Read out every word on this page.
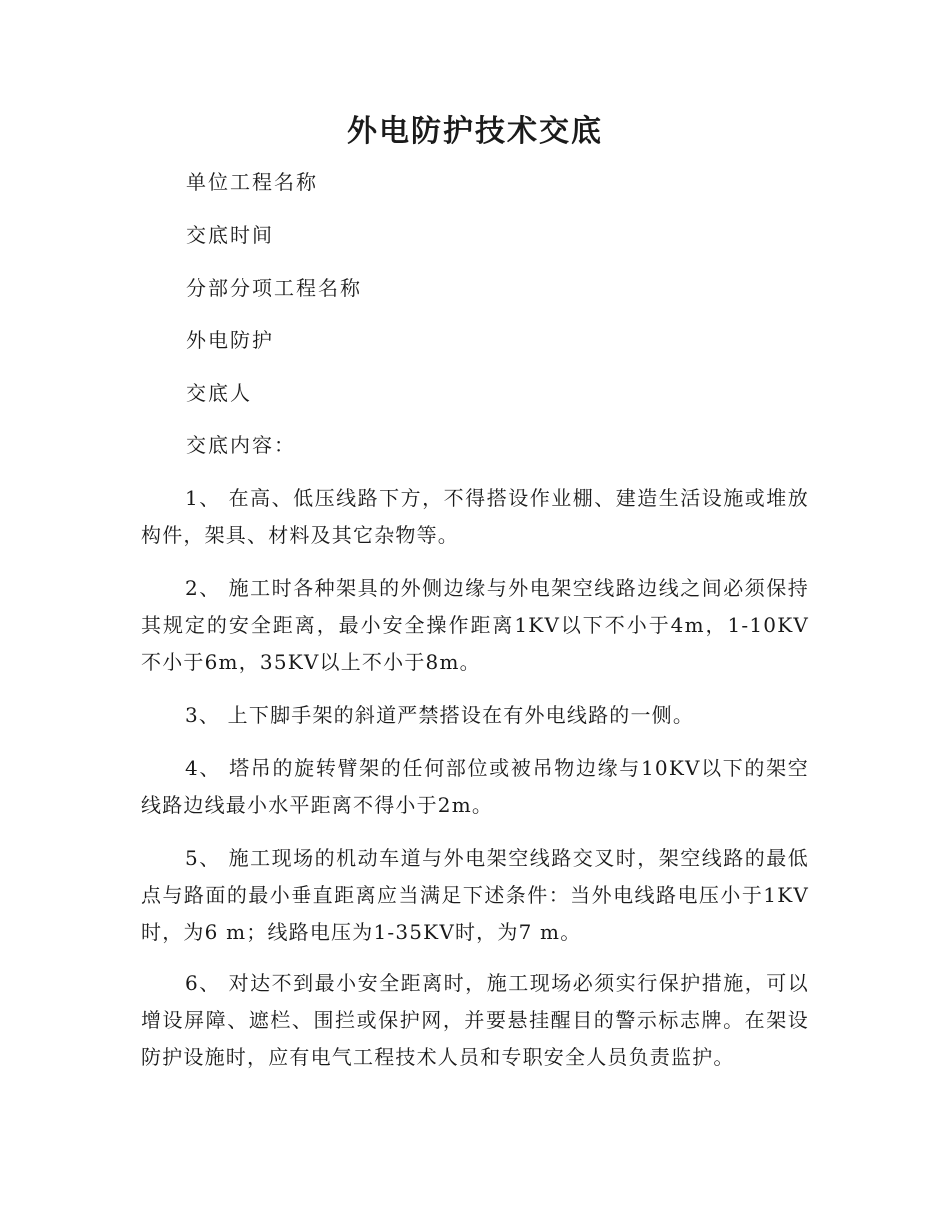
外电防护技术交底

单位工程名称

交底时间

分部分项工程名称

外电防护

交底人

交底内容：

1、 在高、低压线路下方，不得搭设作业棚、建造生活设施或堆放构件，架具、材料及其它杂物等。

2、 施工时各种架具的外侧边缘与外电架空线路边线之间必须保持其规定的安全距离，最小安全操作距离1KV以下不小于4m，1-10KV不小于6m，35KV以上不小于8m。

3、 上下脚手架的斜道严禁搭设在有外电线路的一侧。

4、 塔吊的旋转臂架的任何部位或被吊物边缘与10KV以下的架空线路边线最小水平距离不得小于2m。

5、 施工现场的机动车道与外电架空线路交叉时，架空线路的最低点与路面的最小垂直距离应当满足下述条件：当外电线路电压小于1KV时，为6 m；线路电压为1-35KV时，为7 m。

6、 对达不到最小安全距离时，施工现场必须实行保护措施，可以增设屏障、遮栏、围拦或保护网，并要悬挂醒目的警示标志牌。在架设防护设施时，应有电气工程技术人员和专职安全人员负责监护。
